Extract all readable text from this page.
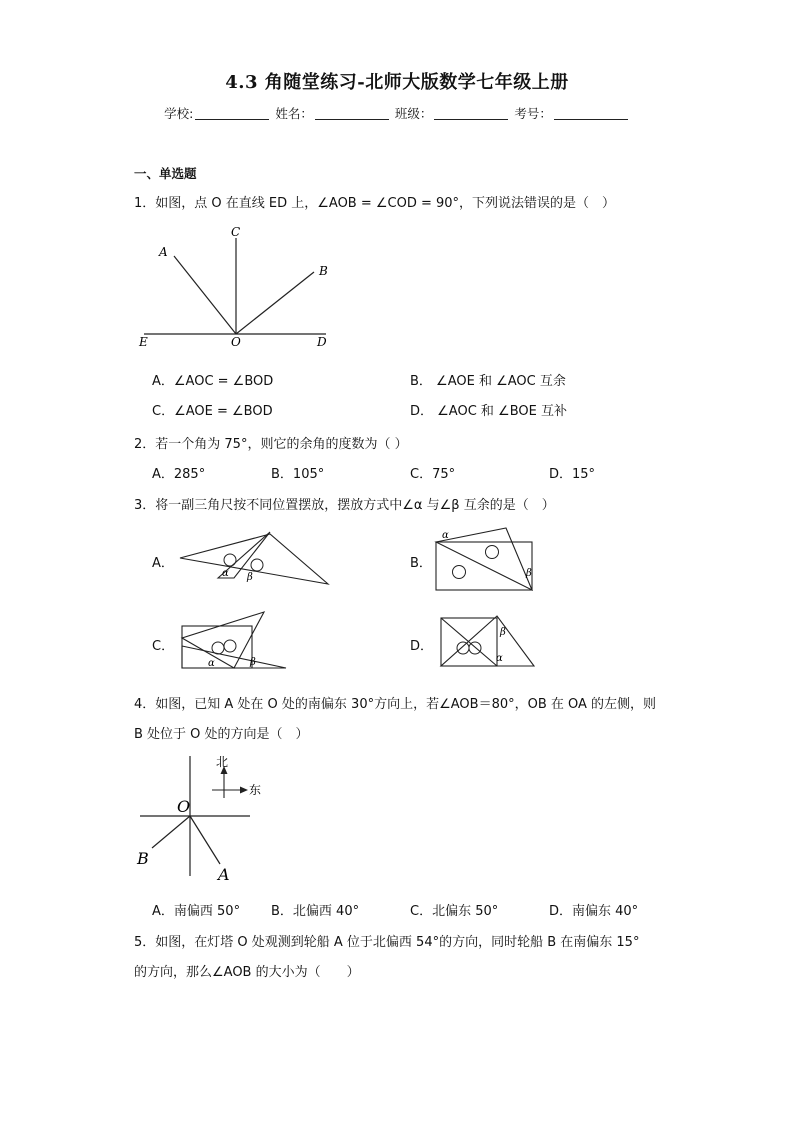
4.3 角随堂练习-北师大版数学七年级上册
学校:	姓名：	班级：	考号：
一、单选题
1．如图，点 O 在直线 ED 上，∠AOB = ∠COD = 90°，下列说法错误的是（　）
C
A
B
E	O	D
A．∠AOC = ∠BOD	B． ∠AOE 和 ∠AOC 互余
C．∠AOE = ∠BOD	D． ∠AOC 和 ∠BOE 互补
2．若一个角为 75°，则它的余角的度数为（ ）
A．285°	B．105°	C．75°	D．15°
3．将一副三角尺按不同位置摆放，摆放方式中∠α 与∠β 互余的是（　）
A．
α β
B．
α
β
C．
α	β
D．
α
β
4．如图，已知 A 处在 O 处的南偏东 30°方向上，若∠AOB＝80°，OB 在 OA 的左侧，则
B 处位于 O 处的方向是（　）
北
东
O
A
B
A．南偏西 50° B．北偏西 40°	C．北偏东 50°	D．南偏东 40°
5．如图，在灯塔 O 处观测到轮船 A 位于北偏西 54°的方向，同时轮船 B 在南偏东 15°
的方向，那么∠AOB 的大小为（　　）
